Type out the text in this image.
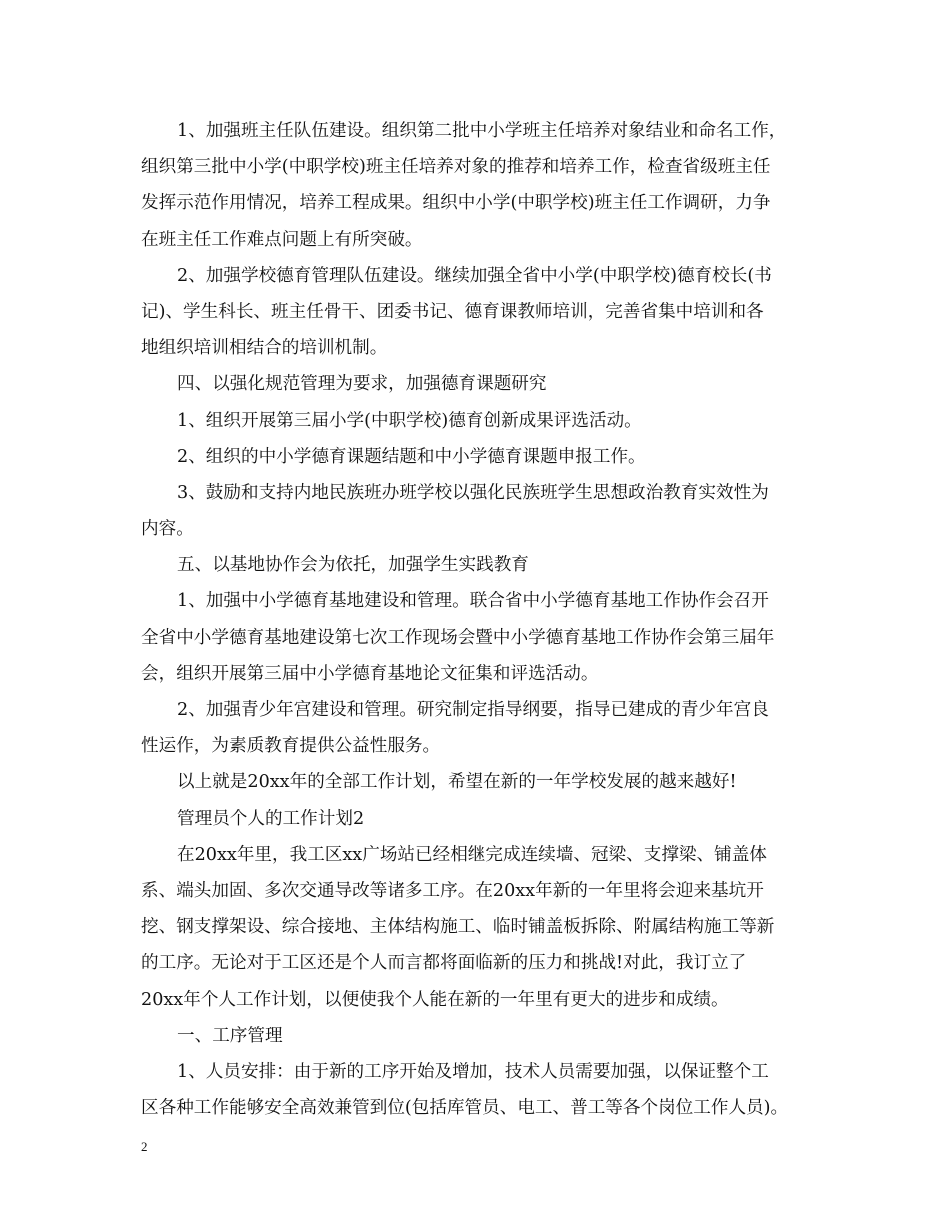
1、加强班主任队伍建设。组织第二批中小学班主任培养对象结业和命名工作，
组织第三批中小学(中职学校)班主任培养对象的推荐和培养工作，检查省级班主任
发挥示范作用情况，培养工程成果。组织中小学(中职学校)班主任工作调研，力争
在班主任工作难点问题上有所突破。
2、加强学校德育管理队伍建设。继续加强全省中小学(中职学校)德育校长(书
记)、学生科长、班主任骨干、团委书记、德育课教师培训，完善省集中培训和各
地组织培训相结合的培训机制。
四、以强化规范管理为要求，加强德育课题研究
1、组织开展第三届小学(中职学校)德育创新成果评选活动。
2、组织的中小学德育课题结题和中小学德育课题申报工作。
3、鼓励和支持内地民族班办班学校以强化民族班学生思想政治教育实效性为
内容。
五、以基地协作会为依托，加强学生实践教育
1、加强中小学德育基地建设和管理。联合省中小学德育基地工作协作会召开
全省中小学德育基地建设第七次工作现场会暨中小学德育基地工作协作会第三届年
会，组织开展第三届中小学德育基地论文征集和评选活动。
2、加强青少年宫建设和管理。研究制定指导纲要，指导已建成的青少年宫良
性运作，为素质教育提供公益性服务。
以上就是20xx年的全部工作计划，希望在新的一年学校发展的越来越好!
管理员个人的工作计划2
在20xx年里，我工区xx广场站已经相继完成连续墙、冠梁、支撑梁、铺盖体
系、端头加固、多次交通导改等诸多工序。在20xx年新的一年里将会迎来基坑开
挖、钢支撑架设、综合接地、主体结构施工、临时铺盖板拆除、附属结构施工等新
的工序。无论对于工区还是个人而言都将面临新的压力和挑战!对此，我订立了
20xx年个人工作计划，以便使我个人能在新的一年里有更大的进步和成绩。
一、工序管理
1、人员安排：由于新的工序开始及增加，技术人员需要加强，以保证整个工
区各种工作能够安全高效兼管到位(包括库管员、电工、普工等各个岗位工作人员)。
2
